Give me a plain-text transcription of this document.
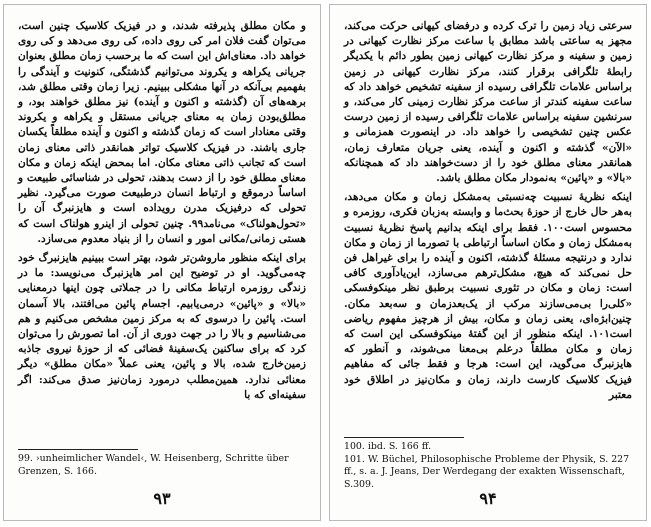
و مکان مطلق پذیرفته شدند، و در فیزیک کلاسیک چنین است، می‌توان گفت فلان امر کی روی داده، کی روی می‌دهد و کی روی خواهد داد. معنای‌اش این است که ما برحسب زمان مطلق بعنوان جریانی یکراهه و یکروند می‌توانیم گذشتگی، کنونیت و آیندگی را بفهمیم بی‌آنکه در آنها مشکلی ببینیم. زیرا زمان وقتی مطلق شد، برهه‌های آن (گذشته و اکنون و آینده) نیز مطلق خواهند بود، و مطلق‌بودن زمان به معنای جریانی مستقل و یکراهه و یکروند وقتی معنادار است که زمان گذشته و اکنون و آینده مطلقاً یکسان جاری باشند. در فیزیک کلاسیک تواتر همانقدر ذاتی معنای زمان است که تجانب ذاتی معنای مکان. اما بمحض اینکه زمان و مکان معنای مطلق خود را از دست بدهند، تحولی در شناسائی طبیعت و اساساً درموقع و ارتباط انسان درطبیعت صورت می‌گیرد. نظیر تحولی که درفیزیک مدرن رویداده است و هایزنبرگ آن را «تحول‌هولناک» می‌نامد۹۹. چنین تحولی از اینرو هولناک است که هستی زمانی/مکانی امور و انسان را از بنیاد معدوم می‌سازد.

برای اینکه منظور ماروشن‌تر شود، بهتر است ببینیم هایزنبرگ خود چه‌می‌گوید. او در توضیح این امر هایزنبرگ می‌نویسد: ما در زندگی روزمره ارتباط مکانی را در جملاتی چون اینها درمعنایی «بالا» و «پائین» درمی‌یابیم. اجسام پائین می‌افتند، بالا آسمان است. پائین را درسوی که به مرکز زمین مشخص می‌کنیم و هم می‌شناسیم و بالا را در جهت دوری از آن. اما تصورش را می‌توان کرد که برای ساکنین یک‌سفینهٔ فضائی که از حوزهٔ نیروی جاذبه زمین‌خارج شده، بالا و پائین، یعنی عملاً «مکان مطلق» دیگر معنائی ندارد. همین‌مطلب درمورد زمان‌نیز صدق می‌کند: اگر سفینه‌ای که با

99. ›unheimlicher Wandel‹, W. Heisenberg, Schritte über Grenzen, S. 166.

۹۳

سرعتی زیاد زمین را ترک کرده و درفضای کیهانی حرکت می‌کند، مجهز به ساعتی باشد مطابق با ساعت مرکز نظارت کیهانی در زمین و سفینه و مرکز نظارت کیهانی زمین بطور دائم با یکدیگر رابطهٔ تلگرافی برقرار کنند، مرکز نظارت کیهانی در زمین براساس علامات تلگرافی رسیده از سفینه تشخیص خواهد داد که ساعت سفینه کندتر از ساعت مرکز نظارت زمینی کار می‌کند، و سرنشین سفینه براساس علامات تلگرافی رسیده از زمین درست عکس چنین تشخیصی را خواهد داد. در اینصورت همزمانی و «الآن» گذشته و اکنون و آینده، یعنی جریان متعارف زمان، همانقدر معنای مطلق خود را از دست‌خواهند داد که همچنانکه «بالا» و «پائین» به‌نمودار مکان مطلق باشد.

اینکه نظریهٔ نسبیت چه‌نسبتی به‌مشکل زمان و مکان می‌دهد، به‌هر حال خارج از حوزهٔ بحث‌ما و وابسته به‌زبان فکری، روزمره و محسوس است۱۰۰. فقط برای اینکه بدانیم پاسخ نظریهٔ نسبیت به‌مشکل زمان و مکان اساساً ارتباطی با تصورما از زمان و مکان ندارد و درنتیجه مسئلهٔ گذشته، اکنون و آینده را برای غیرا‌هل فن حل نمی‌کند که هیچ، مشکل‌ترهم می‌سازد، این‌یادآوری کافی است: زمان و مکان در تئوری نسبیت برطبق نظر مینکوفسکی «کلی‌را بی‌می‌سازند مرکب از یک‌بعدزمان و سه‌بعد مکان. چنین‌ابژه‌ای، یعنی زمان و مکان، بیش از هرچیز مفهوم ریاضی است۱۰۱. اینکه منظور از این گفتهٔ مینکوفسکی این است که زمان و مکان مطلقاً درعلم بی‌معنا می‌شوند، و آنطور که هایزنبرگ می‌گوید، این است: هرجا و فقط جائی که مفاهیم فیزیک کلاسیک کارست دارند، زمان و مکان‌نیز در اطلاق خود معتبر

100. ibd. S. 166 ff.

101. W. Büchel, Philosophische Probleme der Physik, S. 227 ff., s. a. J. Jeans, Der Werdegang der exakten Wissenschaft, S.309.

۹۴
